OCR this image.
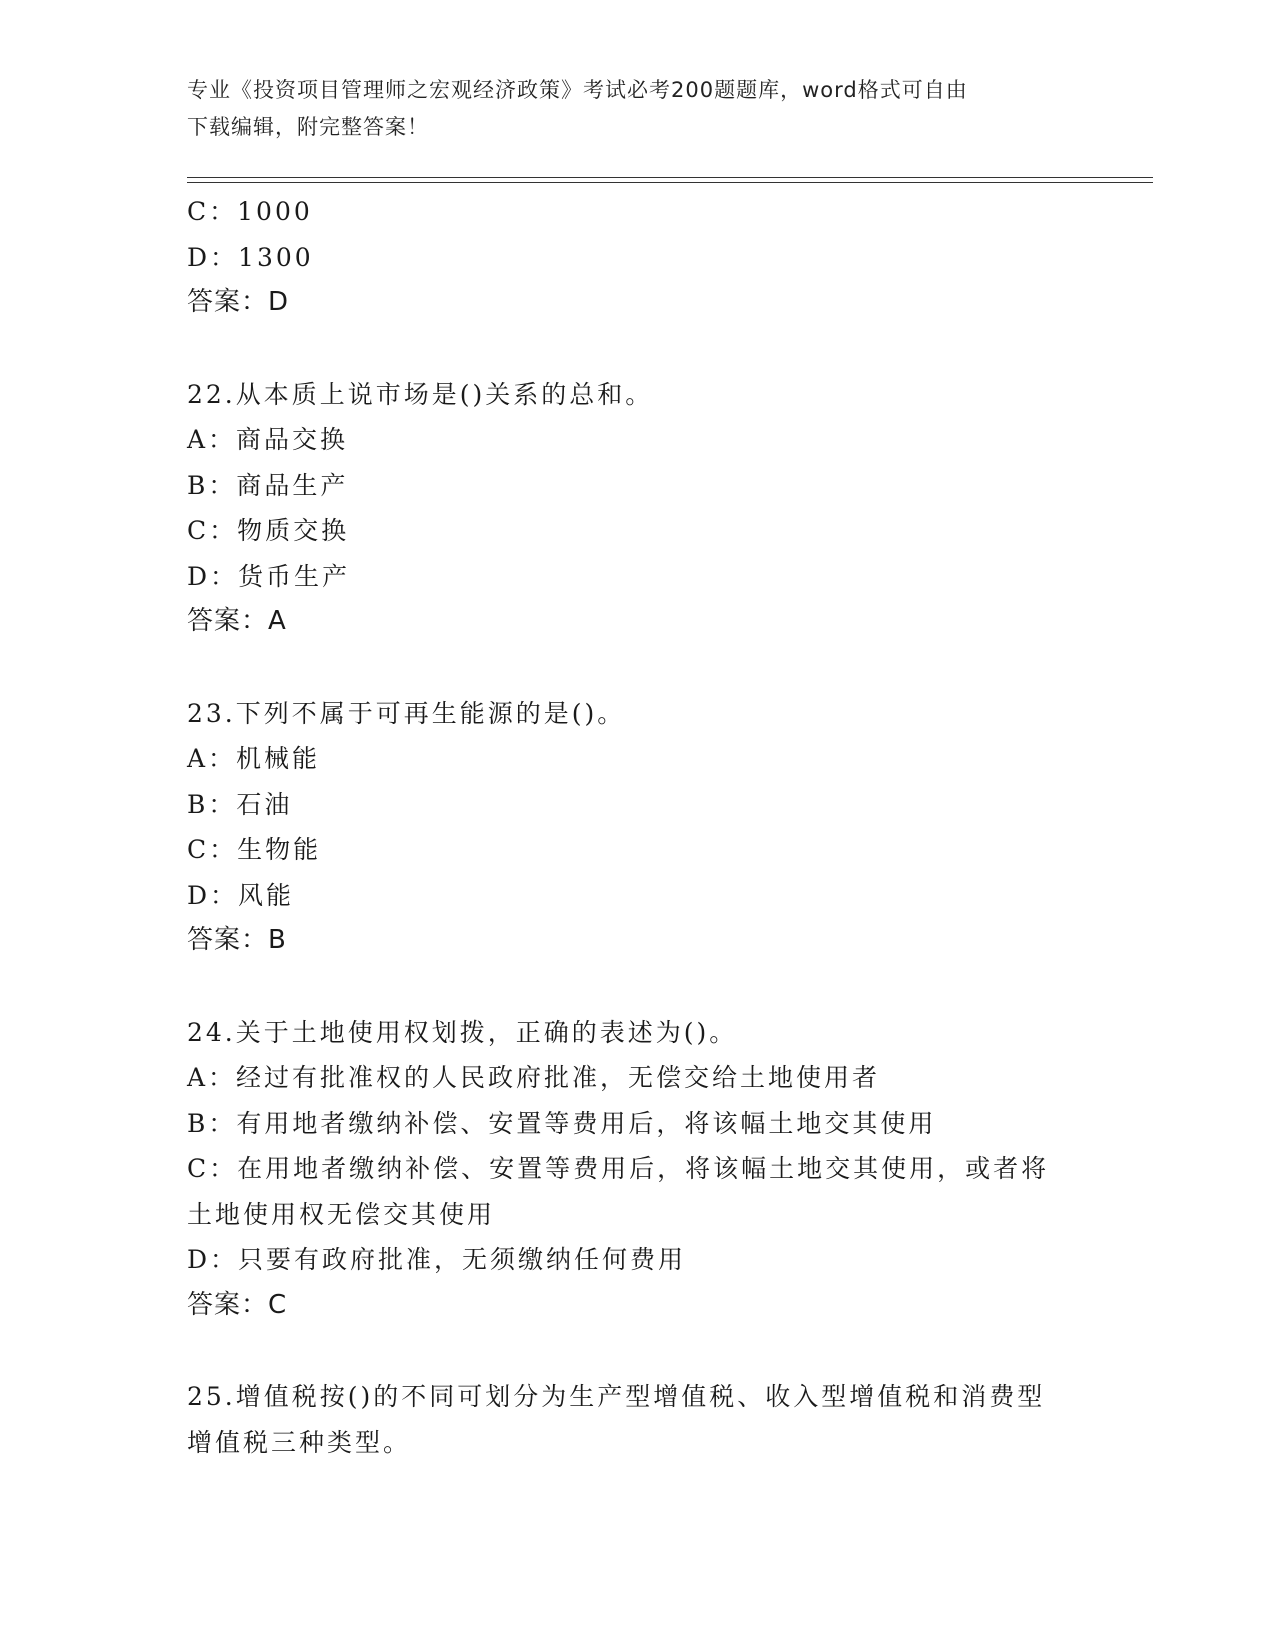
专业《投资项目管理师之宏观经济政策》考试必考200题题库，word格式可自由
下载编辑，附完整答案！
C：1000
D：1300
答案：D
22.从本质上说市场是()关系的总和。
A：商品交换
B：商品生产
C：物质交换
D：货币生产
答案：A
23.下列不属于可再生能源的是()。
A：机械能
B：石油
C：生物能
D：风能
答案：B
24.关于土地使用权划拨，正确的表述为()。
A：经过有批准权的人民政府批准，无偿交给土地使用者
B：有用地者缴纳补偿、安置等费用后，将该幅土地交其使用
C：在用地者缴纳补偿、安置等费用后，将该幅土地交其使用，或者将
土地使用权无偿交其使用
D：只要有政府批准，无须缴纳任何费用
答案：C
25.增值税按()的不同可划分为生产型增值税、收入型增值税和消费型
增值税三种类型。
